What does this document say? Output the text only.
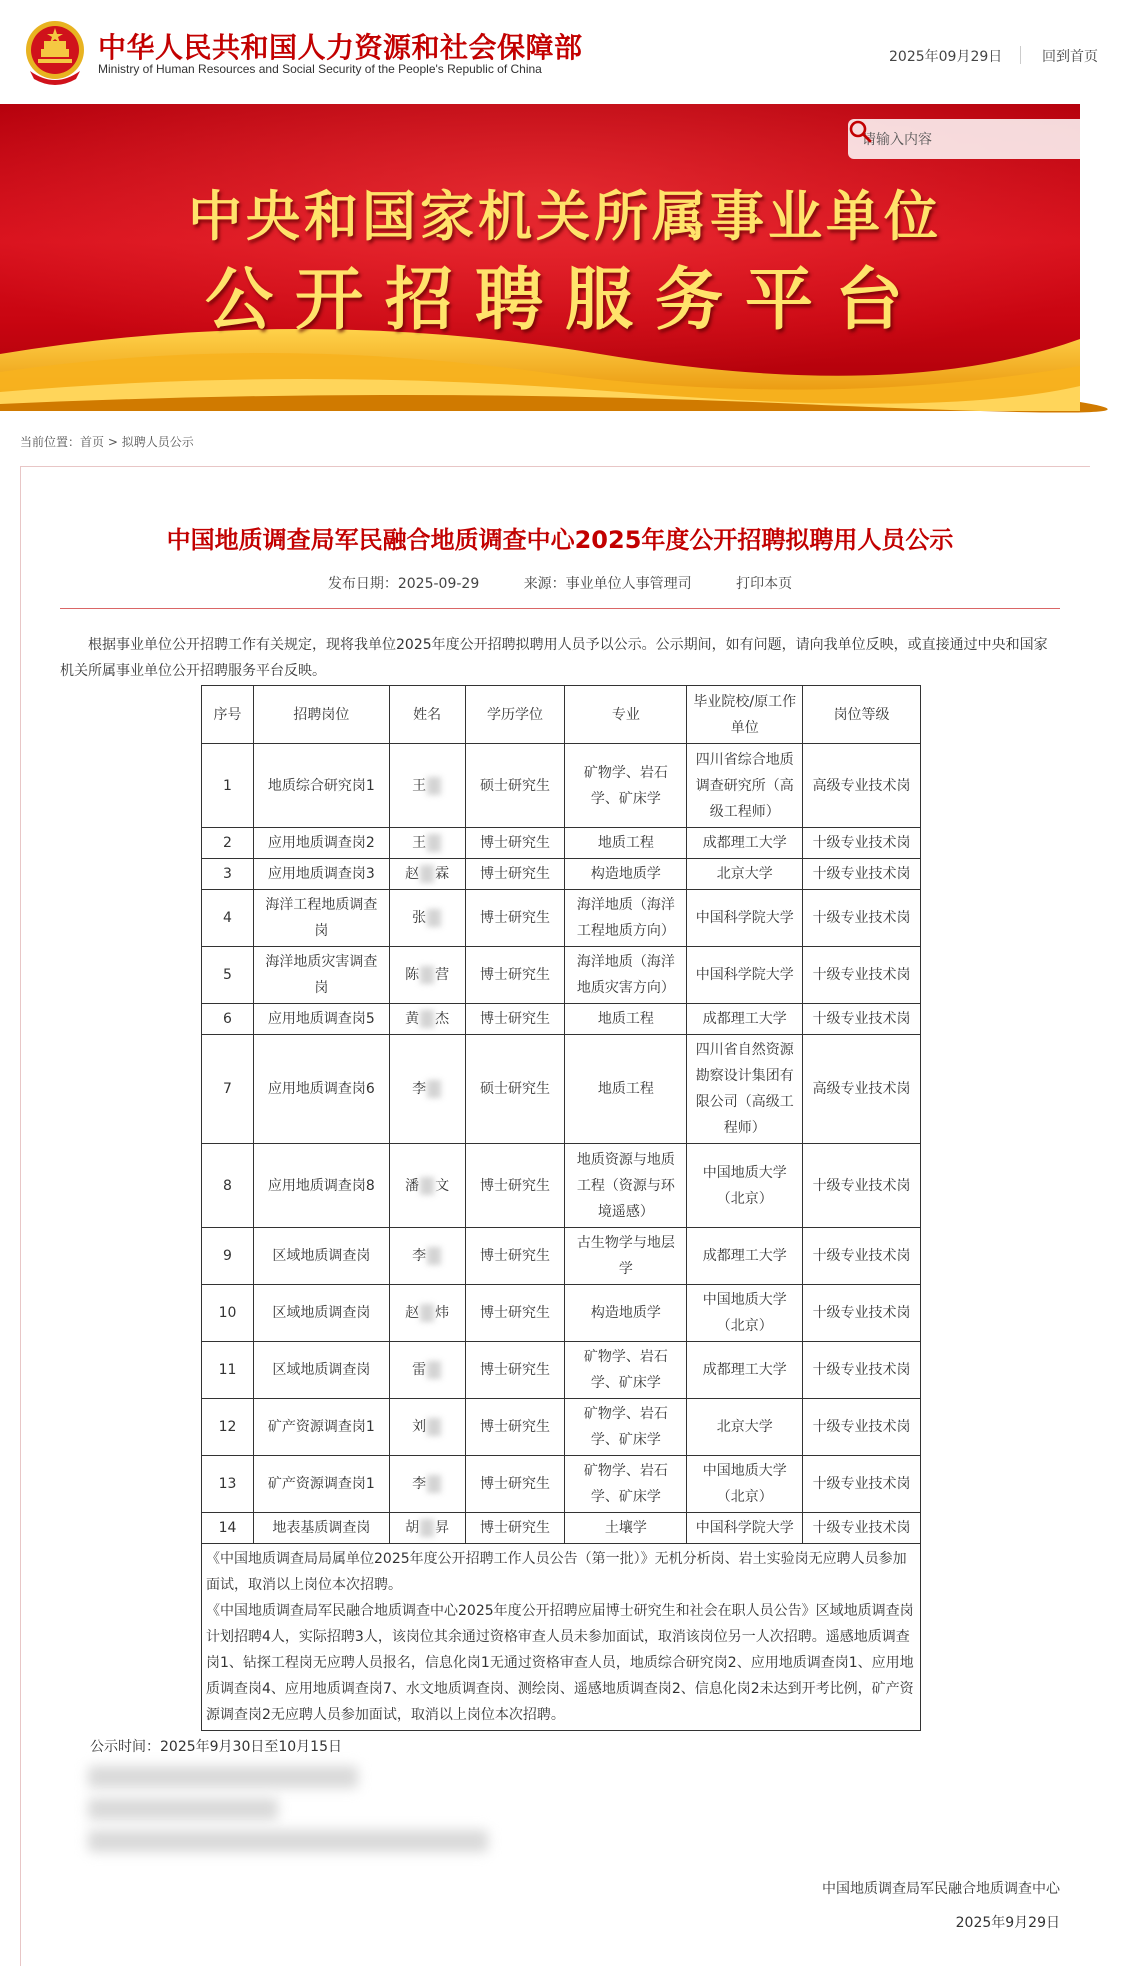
中华人民共和国人力资源和社会保障部
Ministry of Human Resources and Social Security of the People's Republic of China
2025年09月29日	回到首页
请输入内容
中央和国家机关所属事业单位
公开招聘服务平台
当前位置：首页 > 拟聘人员公示
中国地质调查局军民融合地质调查中心2025年度公开招聘拟聘用人员公示
发布日期：2025-09-29	来源：事业单位人事管理司	打印本页
根据事业单位公开招聘工作有关规定，现将我单位2025年度公开招聘拟聘用人员予以公示。公示期间，如有问题，请向我单位反映，或直接通过中央和国家机关所属事业单位公开招聘服务平台反映。
序号	招聘岗位	姓名	学历学位	专业	毕业院校/原工作单位	岗位等级
1	地质综合研究岗1	王	硕士研究生	矿物学、岩石学、矿床学	四川省综合地质调查研究所（高级工程师）	高级专业技术岗
2	应用地质调查岗2	王	博士研究生	地质工程	成都理工大学	十级专业技术岗
3	应用地质调查岗3	赵 霖	博士研究生	构造地质学	北京大学	十级专业技术岗
4	海洋工程地质调查岗	张	博士研究生	海洋地质（海洋工程地质方向）	中国科学院大学	十级专业技术岗
5	海洋地质灾害调查岗	陈 营	博士研究生	海洋地质（海洋地质灾害方向）	中国科学院大学	十级专业技术岗
6	应用地质调查岗5	黄 杰	博士研究生	地质工程	成都理工大学	十级专业技术岗
7	应用地质调查岗6	李	硕士研究生	地质工程	四川省自然资源勘察设计集团有限公司（高级工程师）	高级专业技术岗
8	应用地质调查岗8	潘 文	博士研究生	地质资源与地质工程（资源与环境遥感）	中国地质大学（北京）	十级专业技术岗
9	区域地质调查岗	李	博士研究生	古生物学与地层学	成都理工大学	十级专业技术岗
10	区域地质调查岗	赵 炜	博士研究生	构造地质学	中国地质大学（北京）	十级专业技术岗
11	区域地质调查岗	雷	博士研究生	矿物学、岩石学、矿床学	成都理工大学	十级专业技术岗
12	矿产资源调查岗1	刘	博士研究生	矿物学、岩石学、矿床学	北京大学	十级专业技术岗
13	矿产资源调查岗1	李	博士研究生	矿物学、岩石学、矿床学	中国地质大学（北京）	十级专业技术岗
14	地表基质调查岗	胡 昇	博士研究生	土壤学	中国科学院大学	十级专业技术岗

《中国地质调查局局属单位2025年度公开招聘工作人员公告（第一批）》无机分析岗、岩土实验岗无应聘人员参加面试，取消以上岗位本次招聘。
《中国地质调查局军民融合地质调查中心2025年度公开招聘应届博士研究生和社会在职人员公告》区域地质调查岗计划招聘4人，实际招聘3人，该岗位其余通过资格审查人员未参加面试，取消该岗位另一人次招聘。遥感地质调查岗1、钻探工程岗无应聘人员报名，信息化岗1无通过资格审查人员，地质综合研究岗2、应用地质调查岗1、应用地质调查岗4、应用地质调查岗7、水文地质调查岗、测绘岗、遥感地质调查岗2、信息化岗2未达到开考比例，矿产资源调查岗2无应聘人员参加面试，取消以上岗位本次招聘。						
公示时间：2025年9月30日至10月15日
中国地质调查局军民融合地质调查中心
2025年9月29日
